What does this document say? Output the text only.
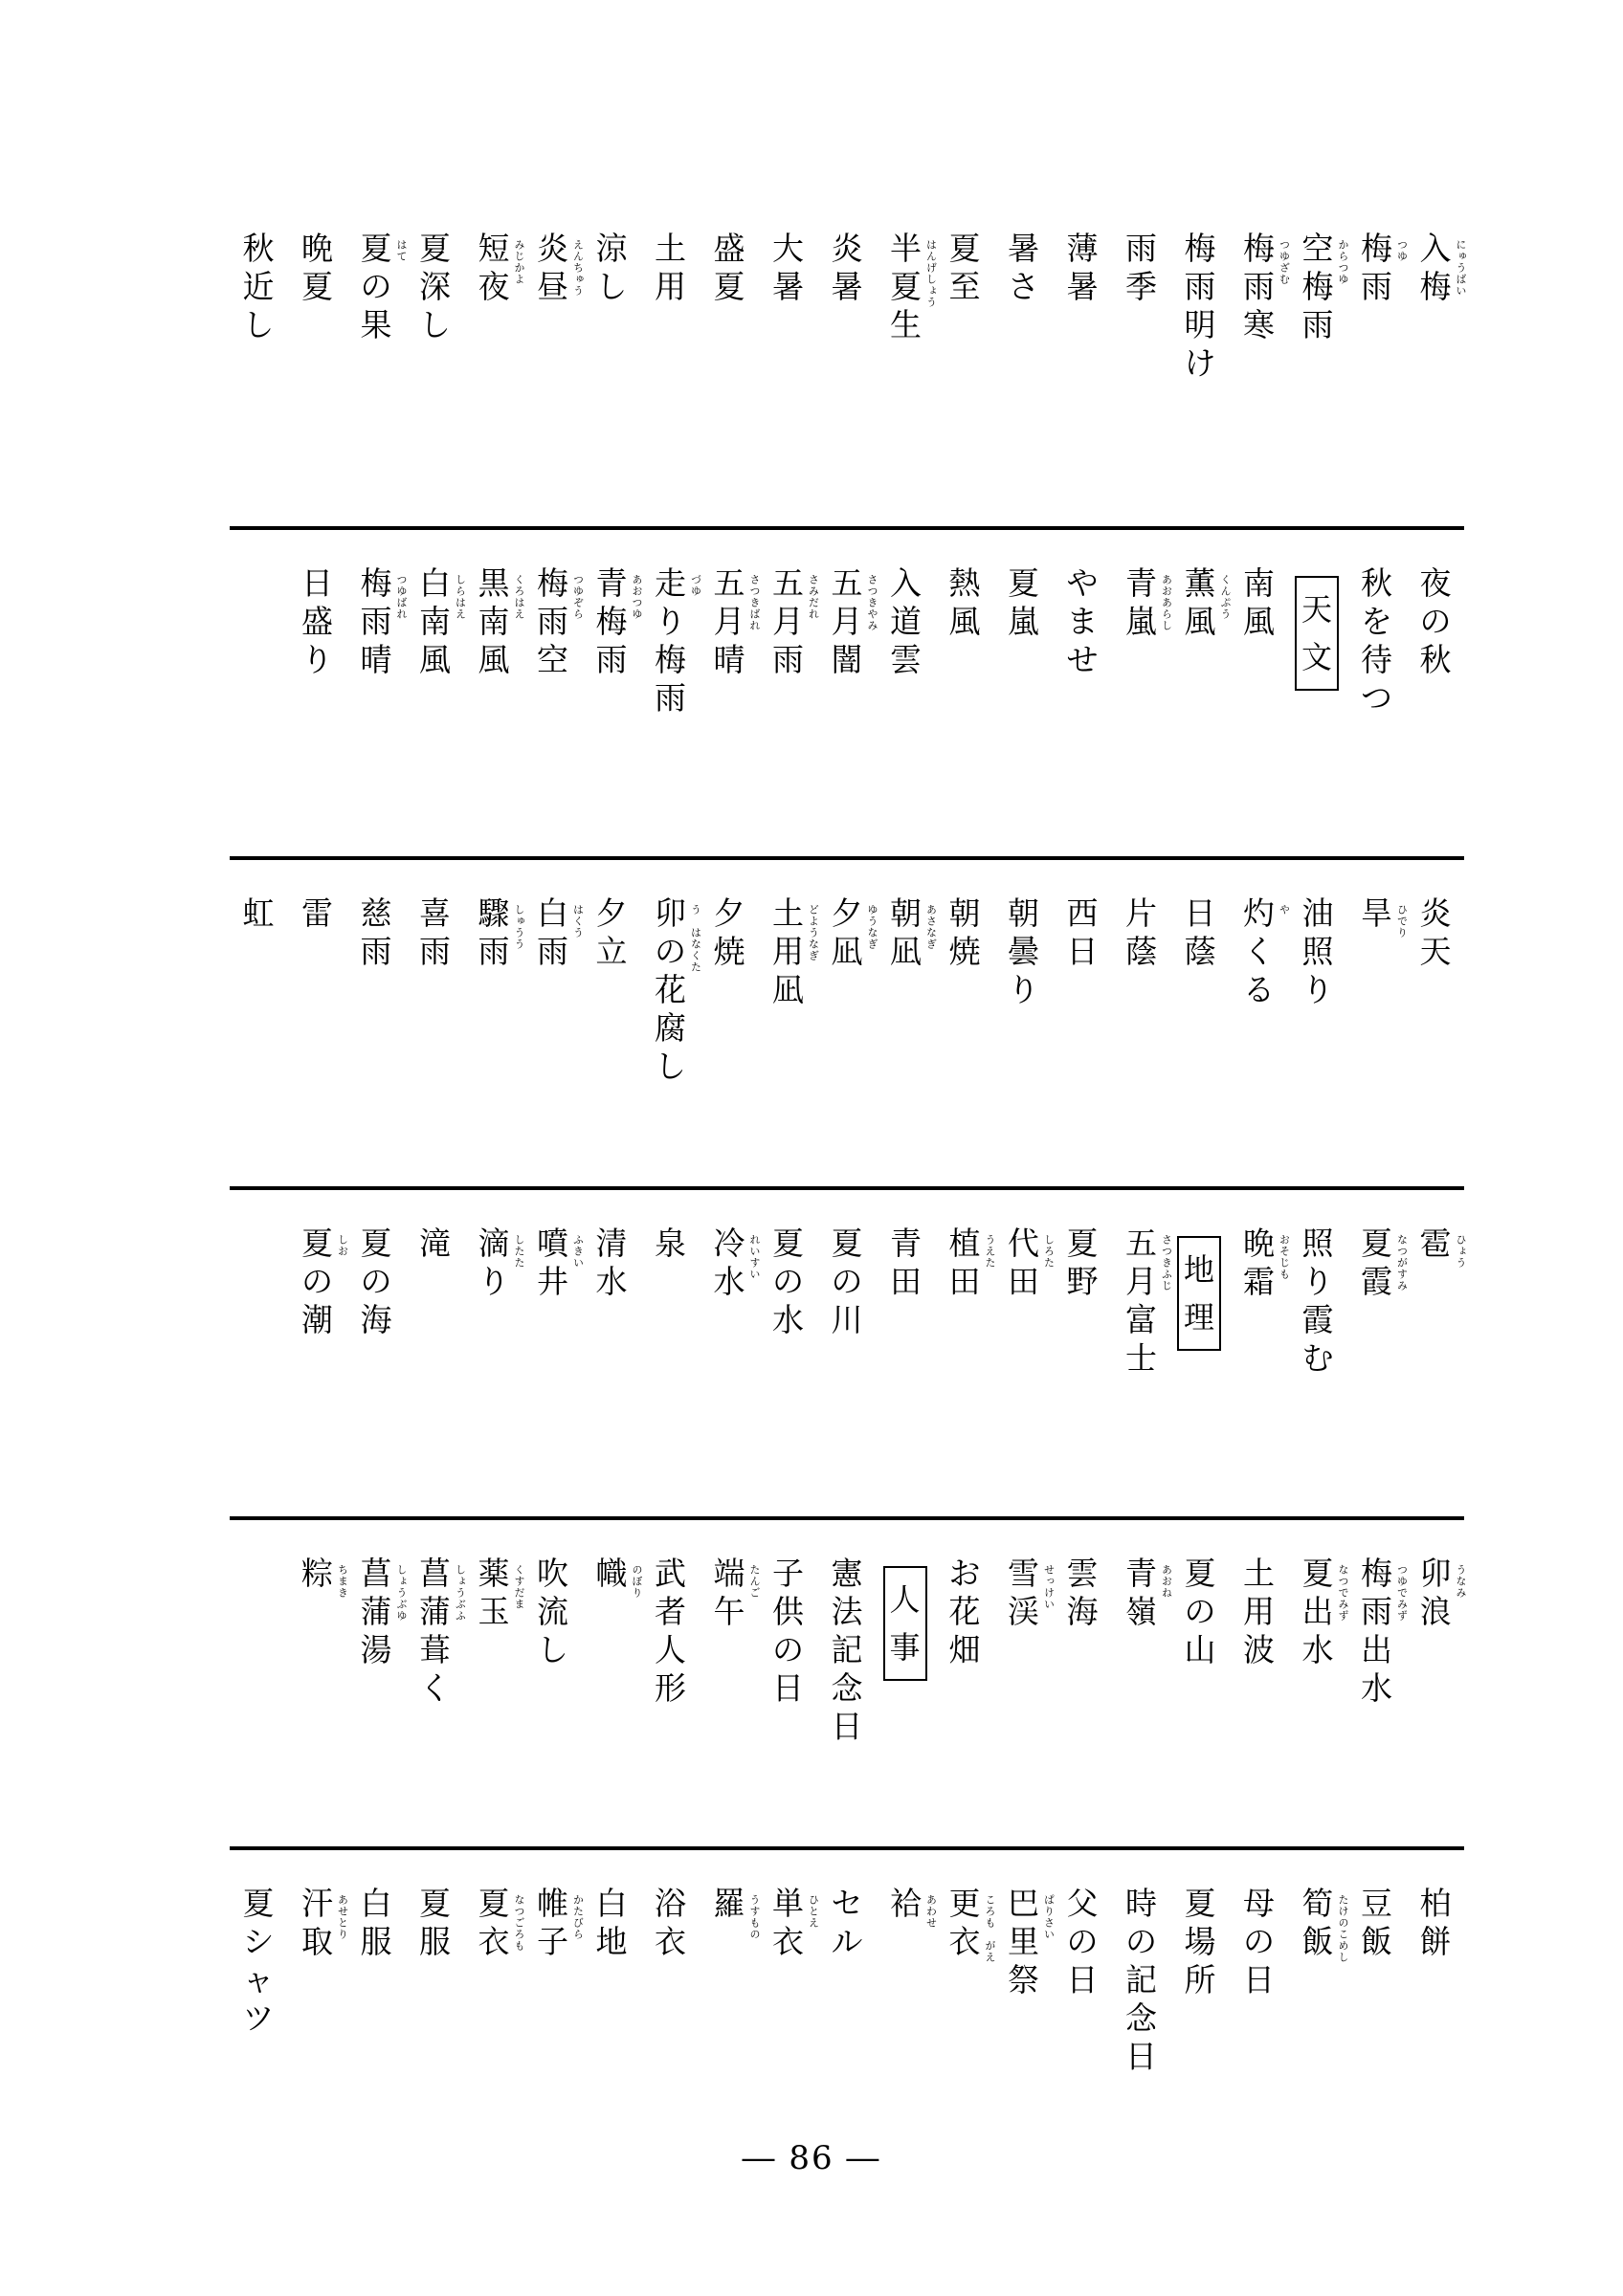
入
梅 にゅうばい
梅
雨
つゆ
空
梅
雨
からつゆ
梅
雨
寒
つゆざむ
梅
雨
明
け
雨
季
薄
暑
暑
さ
夏
至
半
夏
生
はんげしょう
炎
暑
大
暑
盛
夏
土
用
涼
し
炎
昼 えんちゅう
短
夜
みじかよ
夏
深
し
夏
の
果
はて
晩
夏
秋
近
し
夜
の
秋
秋
を
待
つ
天
文
南
風
薫
風
くんぷう
青
嵐 あおあらし
や
ま
せ
夏
嵐
熱
風
入
道
雲
五
月
闇
さつきやみ
五
月
雨
さみだれ
五
月
晴
さつきばれ
走
り
梅
雨
づゆ
青
梅
雨
あおつゆ
梅
雨
空
つゆぞら
黒
南
風
くろはえ
白
南
風
しらはえ
梅
雨
晴
つゆばれ
日
盛
り
炎
天
旱 ひでり
油
照
り
灼
く
る
や
日
蔭
片
蔭
西
日
朝
曇
り
朝
焼
朝
凪
あさなぎ
夕
凪
ゆうなぎ
土
用
凪
どようなぎ
夕
焼
卯
の
花
腐
し
う　はなくた
夕
立
白
雨
はくう
驟
雨
しゅうう
喜
雨
慈
雨
雷
虹
雹 ひょう
夏
霞 なつがすみ
照
り
霞
む
晩
霜
おそじも
地
理
五
月
富
士
さつきふじ
夏
野
代
田
しろた
植
田
うえた
青
田
夏
の
川
夏
の
水
冷
水
れいすい
泉
清
水
噴
井
ふきい
滴
り
したた
滝
夏
の
海
夏
の
潮
しお
卯
浪
うなみ
梅
雨
出
水
つゆでみず
夏
出
水
なつでみず
土
用
波
夏
の
山
青
嶺
あおね
雲
海
雪
渓
せっけい
お
花
畑
人
事
憲
法
記
念
日
子
供
の
日
端
午
たんご
武
者
人
形
幟 のぼり
吹
流
し
薬
玉
くすだま
菖
蒲
葺
く
しょうぶふ
菖
蒲
湯
しょうぶゆ
粽 ちまき
柏
餅
豆
飯
筍
飯 たけのこめし
母
の
日
夏
場
所
時
の
記
念
日
父
の
日
巴
里
祭
ぱりさい
更
衣 ころも　がえ
袷 あわせ
セ
ル
単
衣
ひとえ
羅 うすもの
浴
衣
白
地
帷
子
かたびら
夏
衣 なつごろも
夏
服
白
服
汗
取
あせとり
夏
シ
ャ
ツ
― 86 ―
